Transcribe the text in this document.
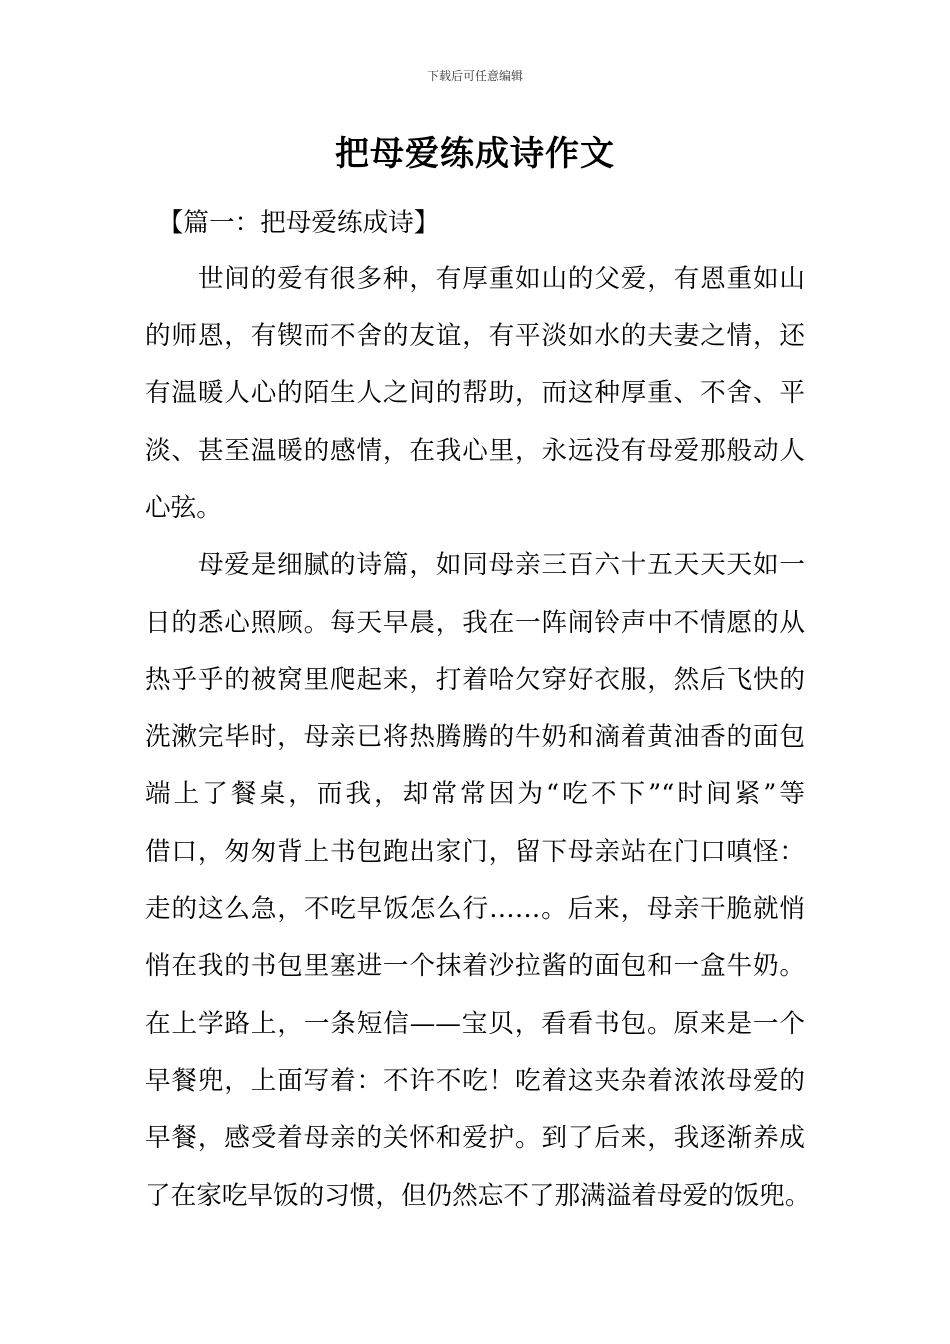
下载后可任意编辑
把母爱练成诗作文
　【篇一：把母爱练成诗】
　　世间的爱有很多种，有厚重如山的父爱，有恩重如山
的师恩，有锲而不舍的友谊，有平淡如水的夫妻之情，还
有温暖人心的陌生人之间的帮助，而这种厚重、不舍、平
淡、甚至温暖的感情，在我心里，永远没有母爱那般动人
心弦。
　　母爱是细腻的诗篇，如同母亲三百六十五天天天如一
日的悉心照顾。每天早晨，我在一阵闹铃声中不情愿的从
热乎乎的被窝里爬起来，打着哈欠穿好衣服，然后飞快的
洗漱完毕时，母亲已将热腾腾的牛奶和滴着黄油香的面包
端上了餐桌，而我，却常常因为“吃不下”“时间紧”等
借口，匆匆背上书包跑出家门，留下母亲站在门口嗔怪：
走的这么急，不吃早饭怎么行……。后来，母亲干脆就悄
悄在我的书包里塞进一个抹着沙拉酱的面包和一盒牛奶。
在上学路上，一条短信——宝贝，看看书包。原来是一个
早餐兜，上面写着：不许不吃！吃着这夹杂着浓浓母爱的
早餐，感受着母亲的关怀和爱护。到了后来，我逐渐养成
了在家吃早饭的习惯，但仍然忘不了那满溢着母爱的饭兜。
